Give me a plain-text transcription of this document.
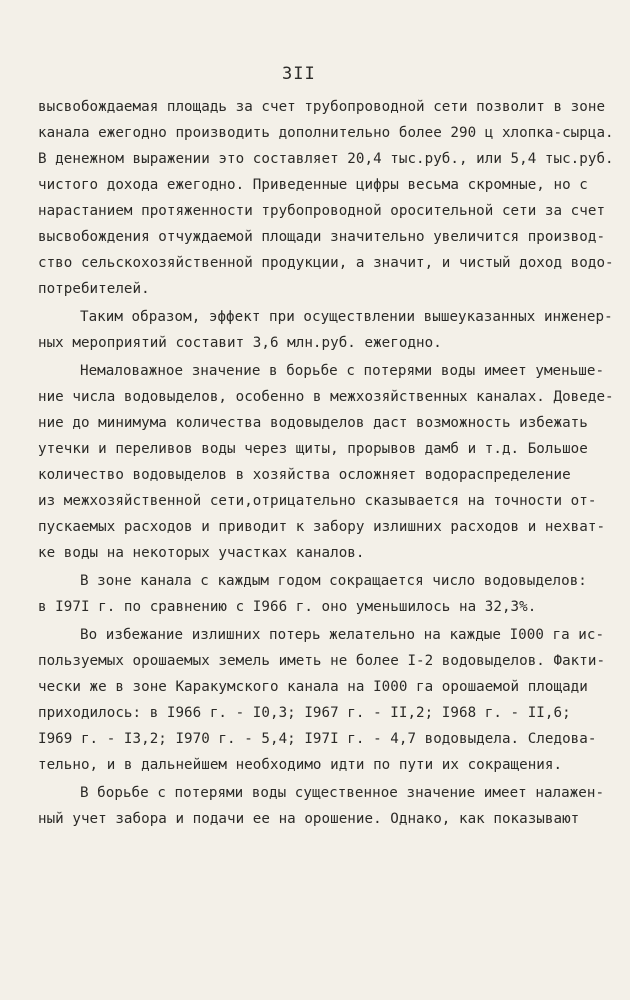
3II
высвобождаемая площадь за счет трубопроводной сети позволит в зоне
канала ежегодно производить дополнительно более 290 ц хлопка-сырца.
В денежном выражении это составляет 20,4 тыс.руб., или 5,4 тыс.руб.
чистого дохода ежегодно. Приведенные цифры весьма скромные, но с
нарастанием протяженности трубопроводной оросительной сети за счет
высвобождения отчуждаемой площади значительно увеличится производ-
ство сельскохозяйственной продукции, а значит, и чистый доход водо-
потребителей.
Таким образом, эффект при осуществлении вышеуказанных инженер-
ных мероприятий составит 3,6 млн.руб. ежегодно.
Немаловажное значение в борьбе с потерями воды имеет уменьше-
ние числа водовыделов, особенно в межхозяйственных каналах. Доведе-
ние до минимума количества водовыделов даст возможность избежать
утечки и переливов воды через щиты, прорывов дамб и т.д. Большое
количество водовыделов в хозяйства осложняет водораспределение
из межхозяйственной сети,отрицательно сказывается на точности от-
пускаемых расходов и приводит к забору излишних расходов и нехват-
ке воды на некоторых участках каналов.
В зоне канала с каждым годом сокращается число водовыделов:
в I97I г. по сравнению с I966 г. оно уменьшилось на 32,3%.
Во избежание излишних потерь желательно на каждые I000 га ис-
пользуемых орошаемых земель иметь не более I-2 водовыделов. Факти-
чески же в зоне Каракумского канала на I000 га орошаемой площади
приходилось: в I966 г. - I0,3; I967 г. - II,2; I968 г. - II,6;
I969 г. - I3,2; I970 г. - 5,4; I97I г. - 4,7 водовыдела. Следова-
тельно, и в дальнейшем необходимо идти по пути их сокращения.
В борьбе с потерями воды существенное значение имеет налажен-
ный учет забора и подачи ее на орошение. Однако, как показывают
